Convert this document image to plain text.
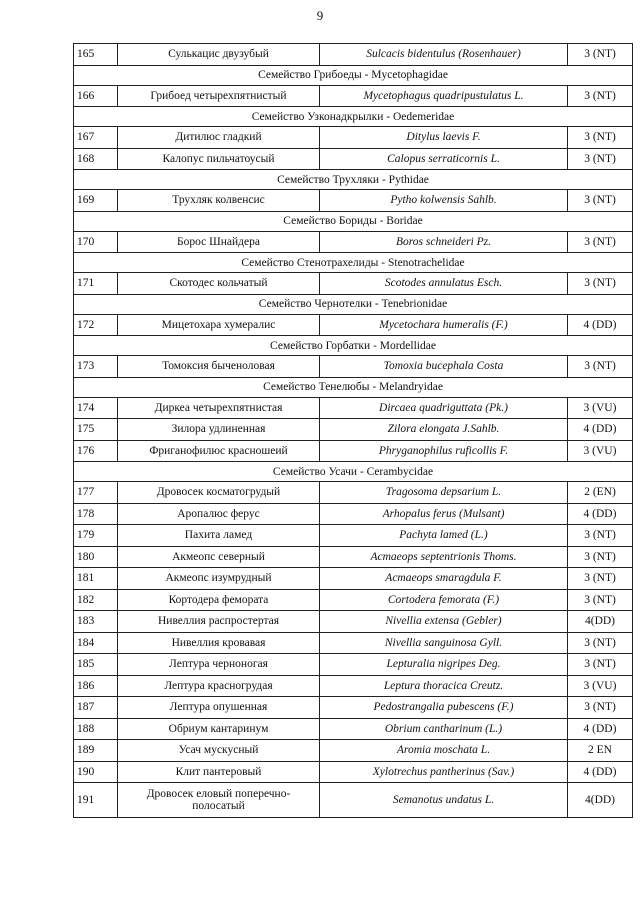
9
165	Сулькацис двузубый	Sulcacis bidentulus (Rosenhauer)	3 (NT)
Семейство Грибоеды - Mycetophagidae			
166	Грибоед четырехпятнистый	Mycetophagus quadripustulatus L.	3 (NT)
Семейство Узконадкрылки - Oedemeridae			
167	Дитилюс гладкий	Ditylus laevis F.	3 (NT)
168	Калопус пильчатоусый	Calopus serraticornis L.	3 (NT)
Семейство Трухляки - Pythidae			
169	Трухляк колвенсис	Pytho kolwensis Sahlb.	3 (NT)
Семейство Бориды - Boridae			
170	Борос Шнайдера	Boros schneideri Pz.	3 (NT)
Семейство Стенотрахелиды - Stenotrachelidae			
171	Скотодес кольчатый	Scotodes annulatus Esch.	3 (NT)
Семейство Чернотелки - Tenebrionidae			
172	Мицетохара хумералис	Mycetochara humeralis (F.)	4 (DD)
Семейство Горбатки - Mordellidae			
173	Томоксия быченоловая	Tomoxia bucephala Costa	3 (NT)
Семейство Тенелюбы - Melandryidae			
174	Диркеа четырехпятнистая	Dircaea quadriguttata (Pk.)	3 (VU)
175	Зилора удлиненная	Zilora elongata J.Sahlb.	4 (DD)
176	Фриганофилюс красношеий	Phryganophilus ruficollis F.	3 (VU)
Семейство Усачи - Cerambycidae			
177	Дровосек косматогрудый	Tragosoma depsarium L.	2 (EN)
178	Аропалюс ферус	Arhopalus ferus (Mulsant)	4 (DD)
179	Пахита ламед	Pachyta lamed (L.)	3 (NT)
180	Акмеопс северный	Acmaeops septentrionis Thoms.	3 (NT)
181	Акмеопс изумрудный	Acmaeops smaragdula F.	3 (NT)
182	Кортодера фемората	Cortodera femorata (F.)	3 (NT)
183	Нивеллия распростертая	Nivellia extensa (Gebler)	4(DD)
184	Нивеллия кровавая	Nivellia sanguinosa Gyll.	3 (NT)
185	Лептура черноногая	Lepturalia nigripes Deg.	3 (NT)
186	Лептура красногрудая	Leptura thoracica Creutz.	3 (VU)
187	Лептура опушенная	Pedostrangalia pubescens (F.)	3 (NT)
188	Обриум кантаринум	Obrium cantharinum (L.)	4 (DD)
189	Усач мускусный	Aromia moschata L.	2 EN
190	Клит пантеровый	Xylotrechus pantherinus (Sav.)	4 (DD)
191	Дровосек еловый поперечно-полосатый	Semanotus undatus L.	4(DD)
